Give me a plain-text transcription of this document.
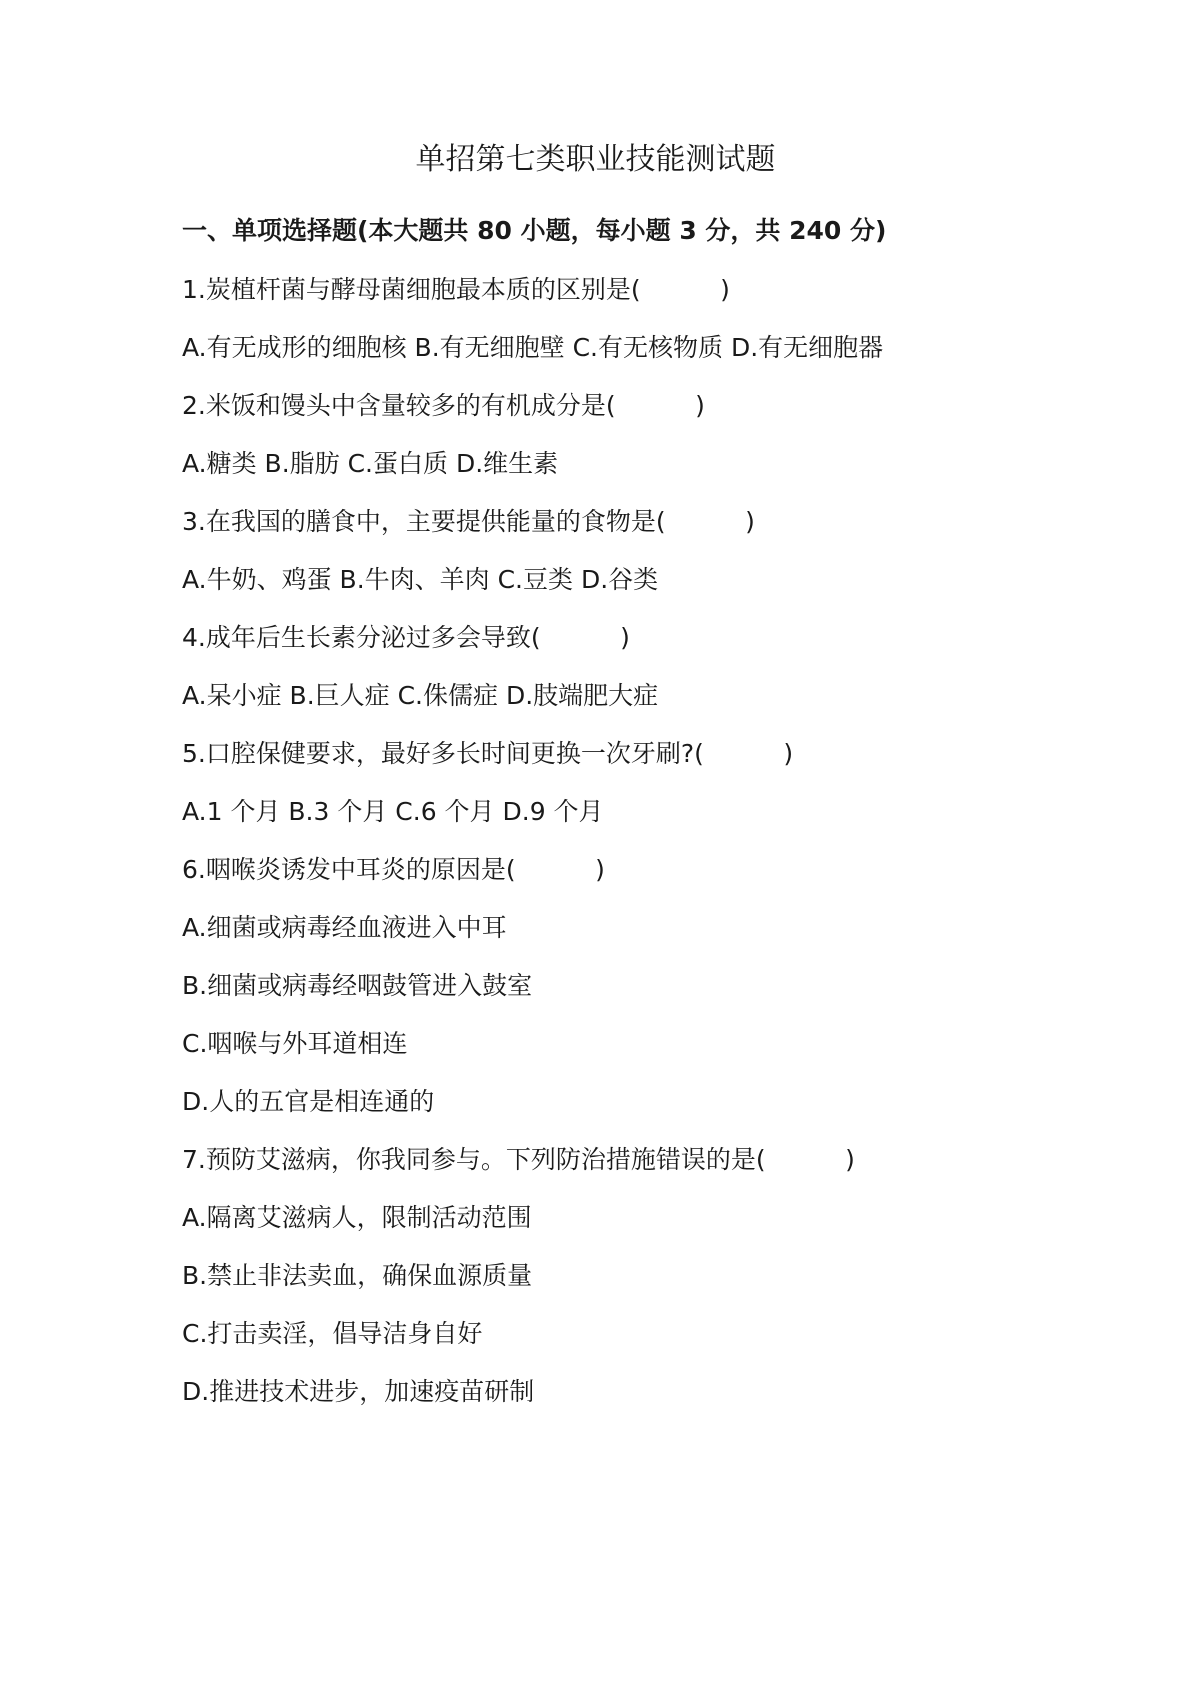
单招第七类职业技能测试题
一、单项选择题(本大题共 80 小题，每小题 3 分，共 240 分)
1.炭植杆菌与酵母菌细胞最本质的区别是(          )
A.有无成形的细胞核 B.有无细胞壁 C.有无核物质 D.有无细胞器
2.米饭和馒头中含量较多的有机成分是(          )
A.糖类 B.脂肪 C.蛋白质 D.维生素
3.在我国的膳食中，主要提供能量的食物是(          )
A.牛奶、鸡蛋 B.牛肉、羊肉 C.豆类 D.谷类
4.成年后生长素分泌过多会导致(          )
A.呆小症 B.巨人症 C.侏儒症 D.肢端肥大症
5.口腔保健要求，最好多长时间更换一次牙刷?(          )
A.1 个月 B.3 个月 C.6 个月 D.9 个月
6.咽喉炎诱发中耳炎的原因是(          )
A.细菌或病毒经血液进入中耳
B.细菌或病毒经咽鼓管进入鼓室
C.咽喉与外耳道相连
D.人的五官是相连通的
7.预防艾滋病，你我同参与。下列防治措施错误的是(          )
A.隔离艾滋病人，限制活动范围
B.禁止非法卖血，确保血源质量
C.打击卖淫，倡导洁身自好
D.推进技术进步，加速疫苗研制
